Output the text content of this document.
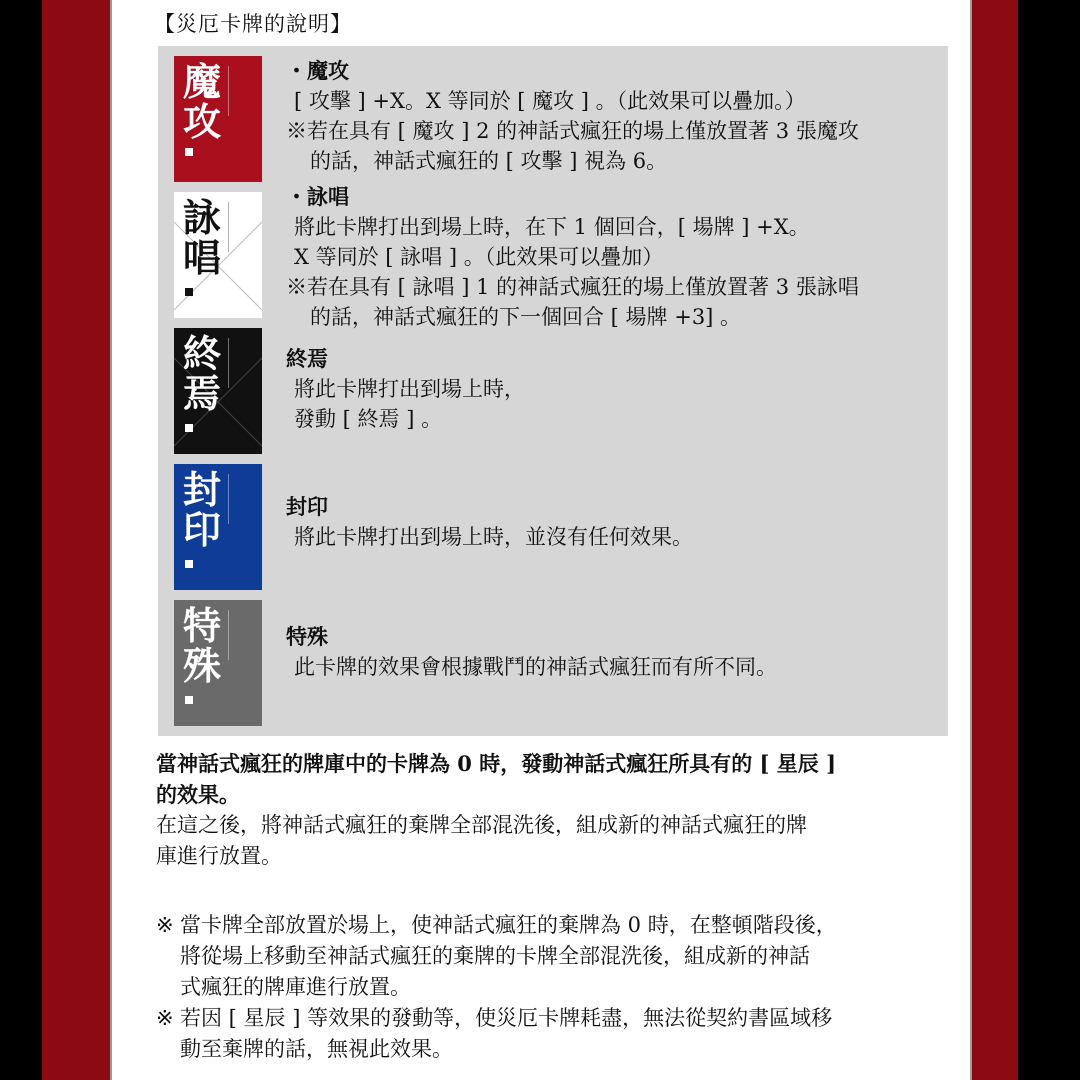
【災厄卡牌的說明】
魔攻
・魔攻
[ 攻擊 ] +X。X 等同於 [ 魔攻 ] 。（此效果可以疊加。）
※若在具有 [ 魔攻 ] 2 的神話式瘋狂的場上僅放置著 3 張魔攻
的話，神話式瘋狂的 [ 攻擊 ] 視為 6。
詠唱
・詠唱
將此卡牌打出到場上時，在下 1 個回合，[ 場牌 ] +X。
X 等同於 [ 詠唱 ] 。（此效果可以疊加）
※若在具有 [ 詠唱 ] 1 的神話式瘋狂的場上僅放置著 3 張詠唱
的話，神話式瘋狂的下一個回合 [ 場牌 +3] 。
終焉
終焉
將此卡牌打出到場上時，
發動 [ 終焉 ] 。
封印
封印
將此卡牌打出到場上時，並沒有任何效果。
特殊
特殊
此卡牌的效果會根據戰鬥的神話式瘋狂而有所不同。
當神話式瘋狂的牌庫中的卡牌為 0 時，發動神話式瘋狂所具有的 [ 星辰 ]
的效果。
在這之後，將神話式瘋狂的棄牌全部混洗後，組成新的神話式瘋狂的牌
庫進行放置。
※ 當卡牌全部放置於場上，使神話式瘋狂的棄牌為 0 時，在整頓階段後，
將從場上移動至神話式瘋狂的棄牌的卡牌全部混洗後，組成新的神話
式瘋狂的牌庫進行放置。
※ 若因 [ 星辰 ] 等效果的發動等，使災厄卡牌耗盡，無法從契約書區域移
動至棄牌的話，無視此效果。
